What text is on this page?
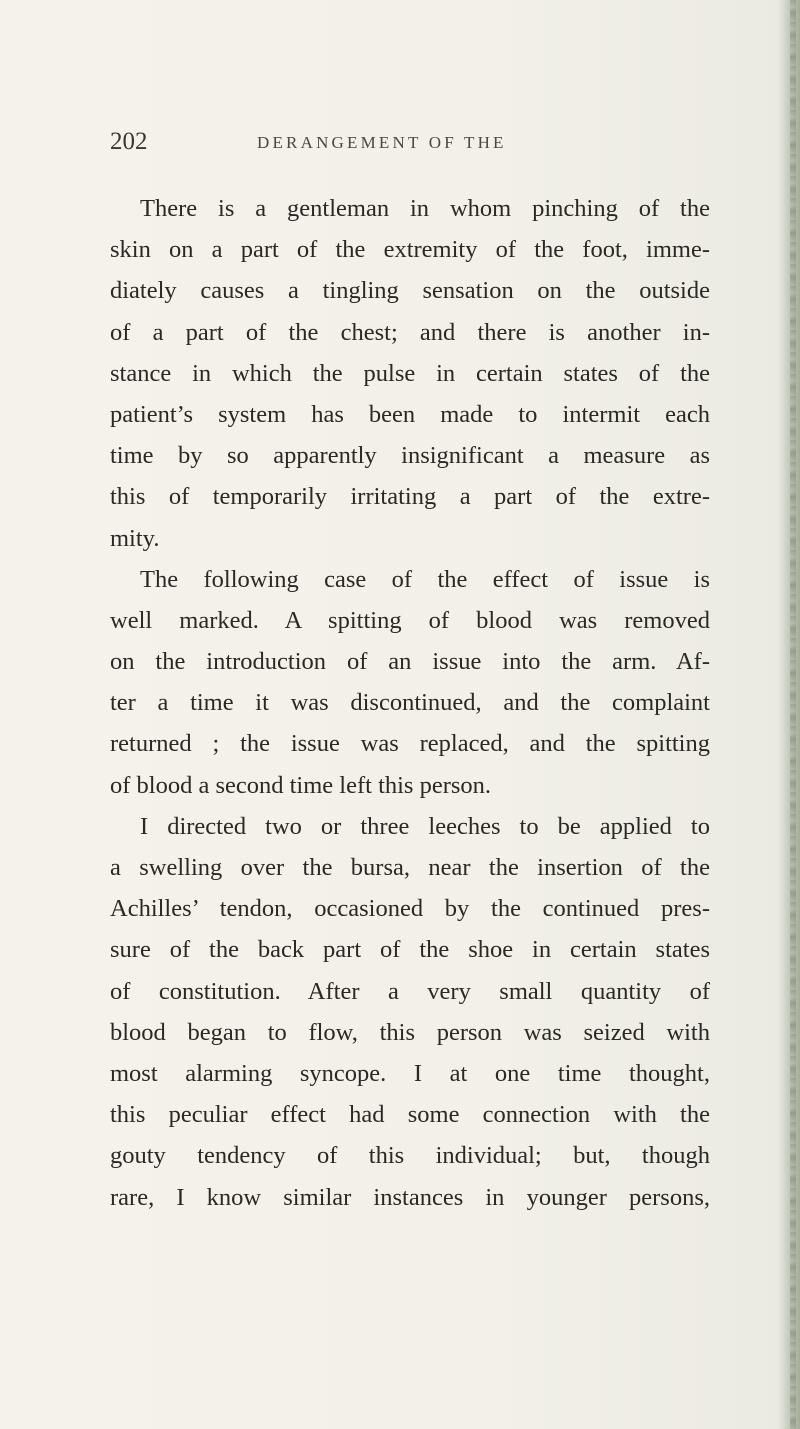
202	DERANGEMENT OF THE
There is a gentleman in whom pinching of the
skin on a part of the extremity of the foot, imme-
diately causes a tingling sensation on the outside
of a part of the chest; and there is another in-
stance in which the pulse in certain states of the
patient’s system has been made to intermit each
time by so apparently insignificant a measure as
this of temporarily irritating a part of the extre-
mity.
The following case of the effect of issue is
well marked. A spitting of blood was removed
on the introduction of an issue into the arm. Af-
ter a time it was discontinued, and the complaint
returned ; the issue was replaced, and the spitting
of blood a second time left this person.
I directed two or three leeches to be applied to
a swelling over the bursa, near the insertion of the
Achilles’ tendon, occasioned by the continued pres-
sure of the back part of the shoe in certain states
of constitution. After a very small quantity of
blood began to flow, this person was seized with
most alarming syncope. I at one time thought,
this peculiar effect had some connection with the
gouty tendency of this individual; but, though
rare, I know similar instances in younger persons,
